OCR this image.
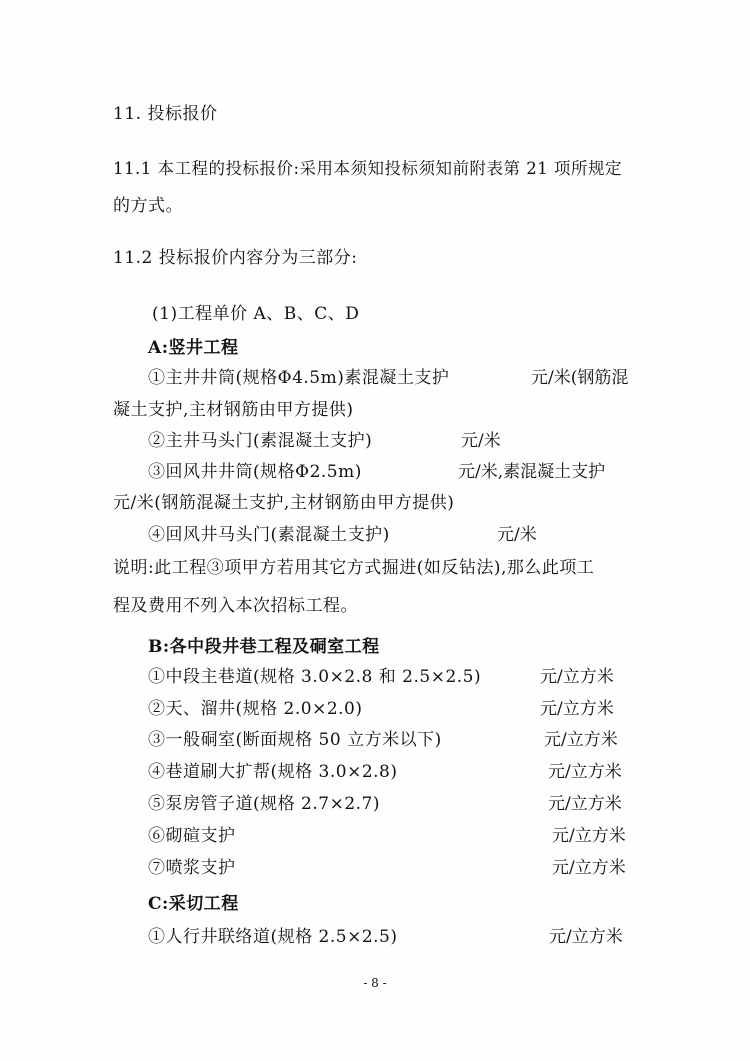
11. 投标报价
11.1 本工程的投标报价:采用本须知投标须知前附表第 21 项所规定
的方式。
11.2 投标报价内容分为三部分:
(1)工程单价 A、B、C、D
A:竖井工程
①主井井筒(规格Φ4.5m)素混凝土支护	元/米(钢筋混
凝土支护,主材钢筋由甲方提供)
②主井马头门(素混凝土支护)	元/米
③回风井井筒(规格Φ2.5m)	元/米,素混凝土支护
元/米(钢筋混凝土支护,主材钢筋由甲方提供)
④回风井马头门(素混凝土支护)	元/米
说明:此工程③项甲方若用其它方式掘进(如反钻法),那么此项工
程及费用不列入本次招标工程。
B:各中段井巷工程及硐室工程
①中段主巷道(规格 3.0×2.8 和 2.5×2.5)	元/立方米
②天、溜井(规格 2.0×2.0)	元/立方米
③一般硐室(断面规格 50 立方米以下)	元/立方米
④巷道刷大扩帮(规格 3.0×2.8)	元/立方米
⑤泵房管子道(规格 2.7×2.7)	元/立方米
⑥砌碹支护	元/立方米
⑦喷浆支护	元/立方米
C:采切工程
①人行井联络道(规格 2.5×2.5)	元/立方米
- 8 -
